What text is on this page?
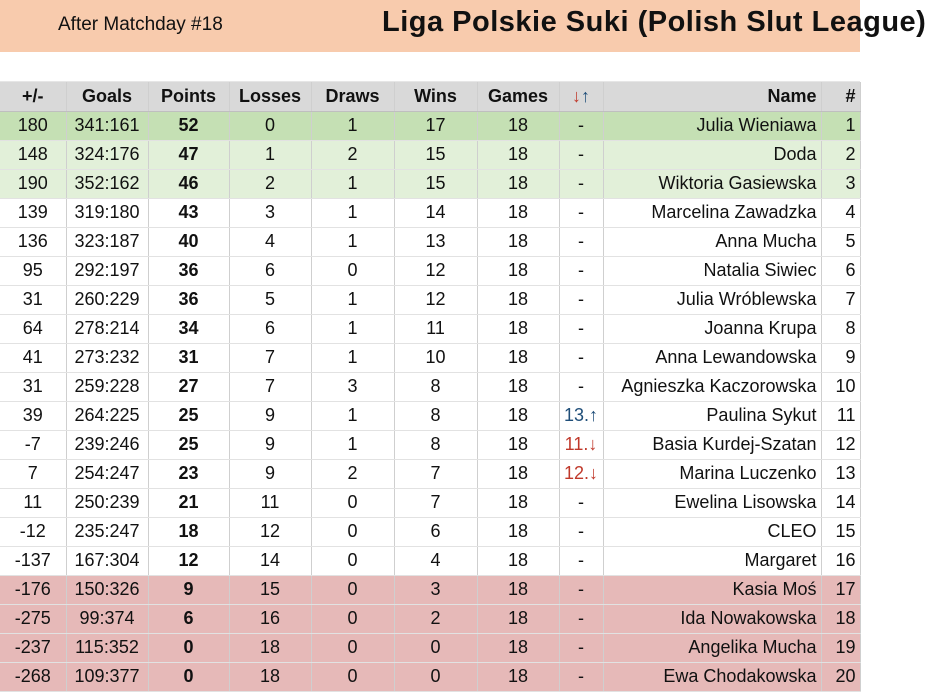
After Matchday #18	Liga Polskie Suki (Polish Slut League)
+/-	Goals	Points	Losses	Draws	Wins	Games	↓↑	Name	#
180	341:161	52	0	1	17	18	-	Julia Wieniawa	1
148	324:176	47	1	2	15	18	-	Doda	2
190	352:162	46	2	1	15	18	-	Wiktoria Gasiewska	3
139	319:180	43	3	1	14	18	-	Marcelina Zawadzka	4
136	323:187	40	4	1	13	18	-	Anna Mucha	5
95	292:197	36	6	0	12	18	-	Natalia Siwiec	6
31	260:229	36	5	1	12	18	-	Julia Wróblewska	7
64	278:214	34	6	1	11	18	-	Joanna Krupa	8
41	273:232	31	7	1	10	18	-	Anna Lewandowska	9
31	259:228	27	7	3	8	18	-	Agnieszka Kaczorowska	10
39	264:225	25	9	1	8	18	13.↑	Paulina Sykut	11
-7	239:246	25	9	1	8	18	11.↓	Basia Kurdej-Szatan	12
7	254:247	23	9	2	7	18	12.↓	Marina Luczenko	13
11	250:239	21	11	0	7	18	-	Ewelina Lisowska	14
-12	235:247	18	12	0	6	18	-	CLEO	15
-137	167:304	12	14	0	4	18	-	Margaret	16
-176	150:326	9	15	0	3	18	-	Kasia Moś	17
-275	99:374	6	16	0	2	18	-	Ida Nowakowska	18
-237	115:352	0	18	0	0	18	-	Angelika Mucha	19
-268	109:377	0	18	0	0	18	-	Ewa Chodakowska	20
